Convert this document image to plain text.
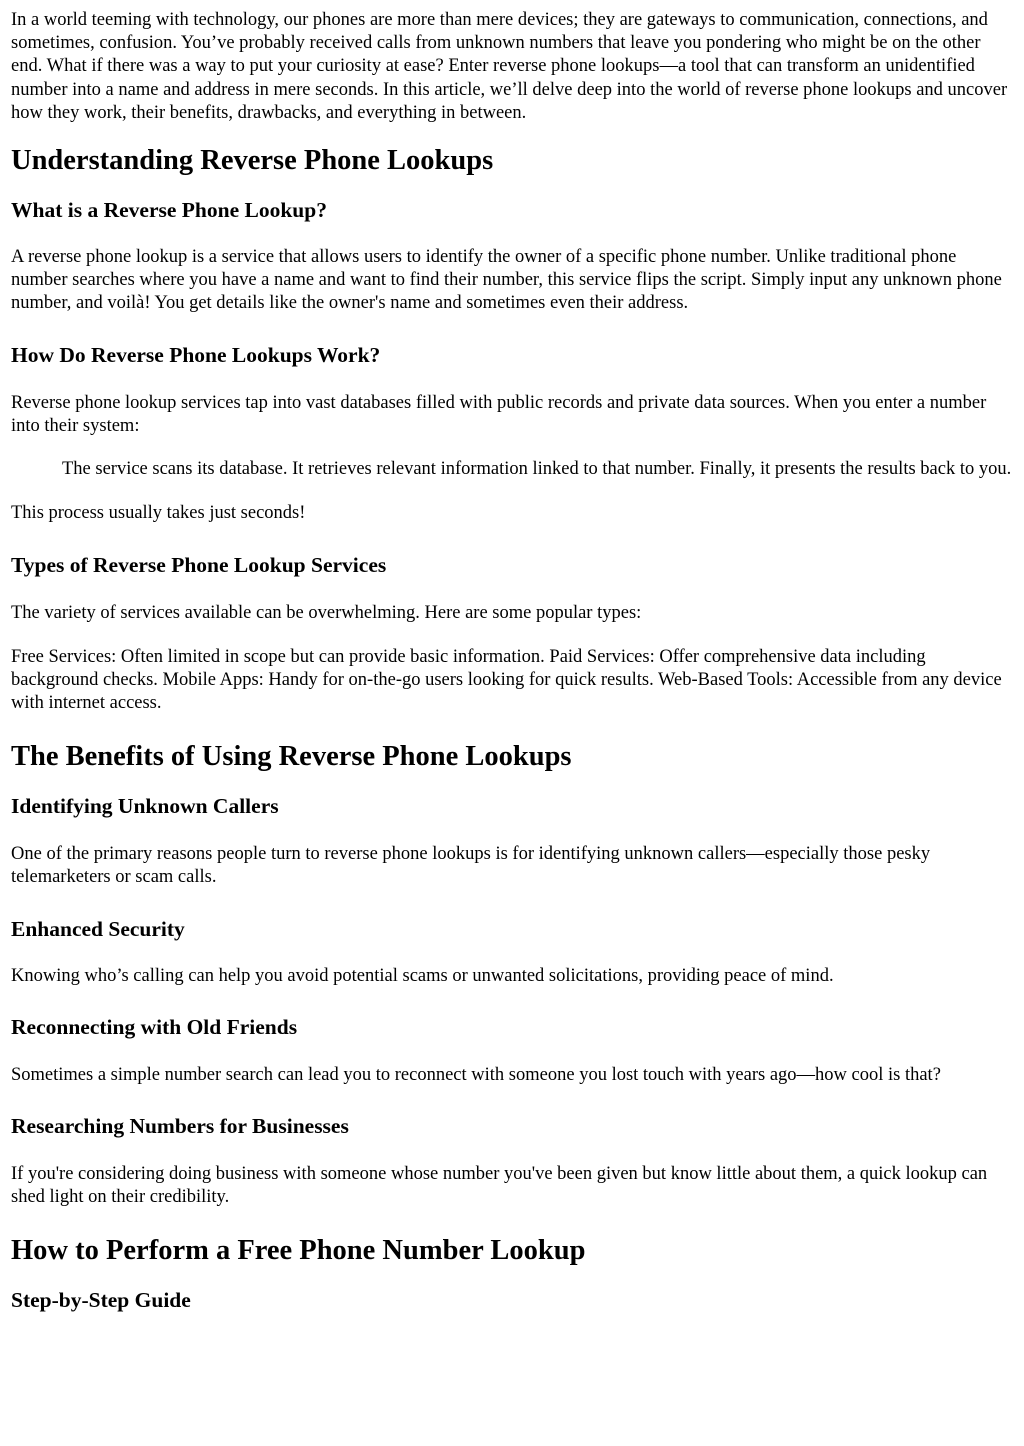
In a world teeming with technology, our phones are more than mere devices; they are gateways to communication, connections, and sometimes, confusion. You’ve probably received calls from unknown numbers that leave you pondering who might be on the other end. What if there was a way to put your curiosity at ease? Enter reverse phone lookups—a tool that can transform an unidentified number into a name and address in mere seconds. In this article, we’ll delve deep into the world of reverse phone lookups and uncover how they work, their benefits, drawbacks, and everything in between.

Understanding Reverse Phone Lookups
What is a Reverse Phone Lookup?

A reverse phone lookup is a service that allows users to identify the owner of a specific phone number. Unlike traditional phone number searches where you have a name and want to find their number, this service flips the script. Simply input any unknown phone number, and voilà! You get details like the owner's name and sometimes even their address.

How Do Reverse Phone Lookups Work?

Reverse phone lookup services tap into vast databases filled with public records and private data sources. When you enter a number into their system:

The service scans its database. It retrieves relevant information linked to that number. Finally, it presents the results back to you.

This process usually takes just seconds!

Types of Reverse Phone Lookup Services

The variety of services available can be overwhelming. Here are some popular types:

Free Services: Often limited in scope but can provide basic information. Paid Services: Offer comprehensive data including background checks. Mobile Apps: Handy for on-the-go users looking for quick results. Web-Based Tools: Accessible from any device with internet access.

The Benefits of Using Reverse Phone Lookups
Identifying Unknown Callers

One of the primary reasons people turn to reverse phone lookups is for identifying unknown callers—especially those pesky telemarketers or scam calls.

Enhanced Security

Knowing who’s calling can help you avoid potential scams or unwanted solicitations, providing peace of mind.

Reconnecting with Old Friends

Sometimes a simple number search can lead you to reconnect with someone you lost touch with years ago—how cool is that?

Researching Numbers for Businesses

If you're considering doing business with someone whose number you've been given but know little about them, a quick lookup can shed light on their credibility.

How to Perform a Free Phone Number Lookup
Step-by-Step Guide
